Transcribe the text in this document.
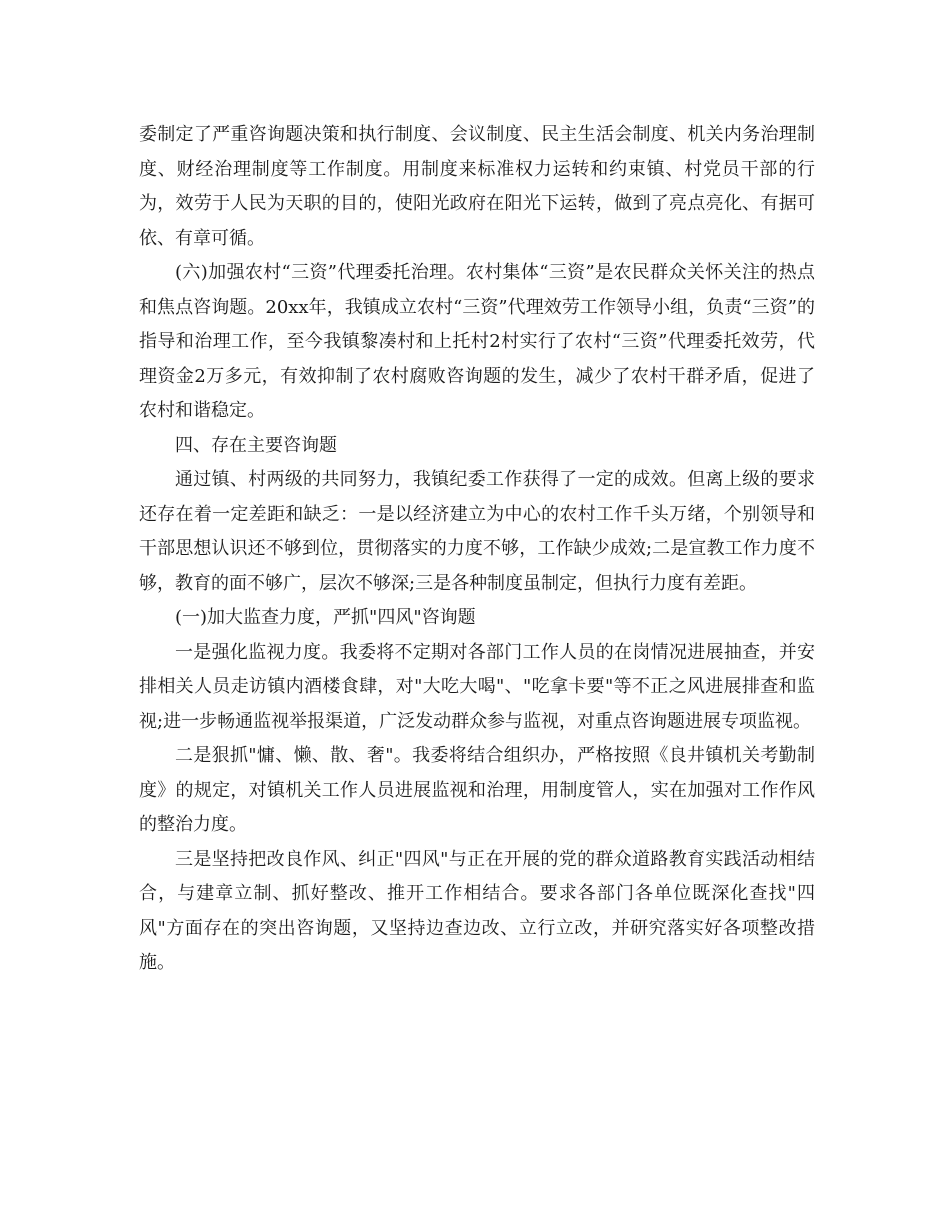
委制定了严重咨询题决策和执行制度、会议制度、民主生活会制度、机关内务治理制度、财经治理制度等工作制度。用制度来标准权力运转和约束镇、村党员干部的行为，效劳于人民为天职的目的，使阳光政府在阳光下运转，做到了亮点亮化、有据可依、有章可循。

(六)加强农村“三资”代理委托治理。农村集体“三资”是农民群众关怀关注的热点和焦点咨询题。20xx年，我镇成立农村“三资”代理效劳工作领导小组，负责“三资”的指导和治理工作，至今我镇黎凑村和上托村2村实行了农村“三资”代理委托效劳，代理资金2万多元，有效抑制了农村腐败咨询题的发生，减少了农村干群矛盾，促进了农村和谐稳定。

四、存在主要咨询题

通过镇、村两级的共同努力，我镇纪委工作获得了一定的成效。但离上级的要求还存在着一定差距和缺乏：一是以经济建立为中心的农村工作千头万绪，个别领导和干部思想认识还不够到位，贯彻落实的力度不够，工作缺少成效;二是宣教工作力度不够，教育的面不够广，层次不够深;三是各种制度虽制定，但执行力度有差距。

(一)加大监查力度，严抓"四风"咨询题

一是强化监视力度。我委将不定期对各部门工作人员的在岗情况进展抽查，并安排相关人员走访镇内酒楼食肆，对"大吃大喝"、"吃拿卡要"等不正之风进展排查和监视;进一步畅通监视举报渠道，广泛发动群众参与监视，对重点咨询题进展专项监视。

二是狠抓"慵、懒、散、奢"。我委将结合组织办，严格按照《良井镇机关考勤制度》的规定，对镇机关工作人员进展监视和治理，用制度管人，实在加强对工作作风的整治力度。

三是坚持把改良作风、纠正"四风"与正在开展的党的群众道路教育实践活动相结合，与建章立制、抓好整改、推开工作相结合。要求各部门各单位既深化查找"四风"方面存在的突出咨询题，又坚持边查边改、立行立改，并研究落实好各项整改措施。
